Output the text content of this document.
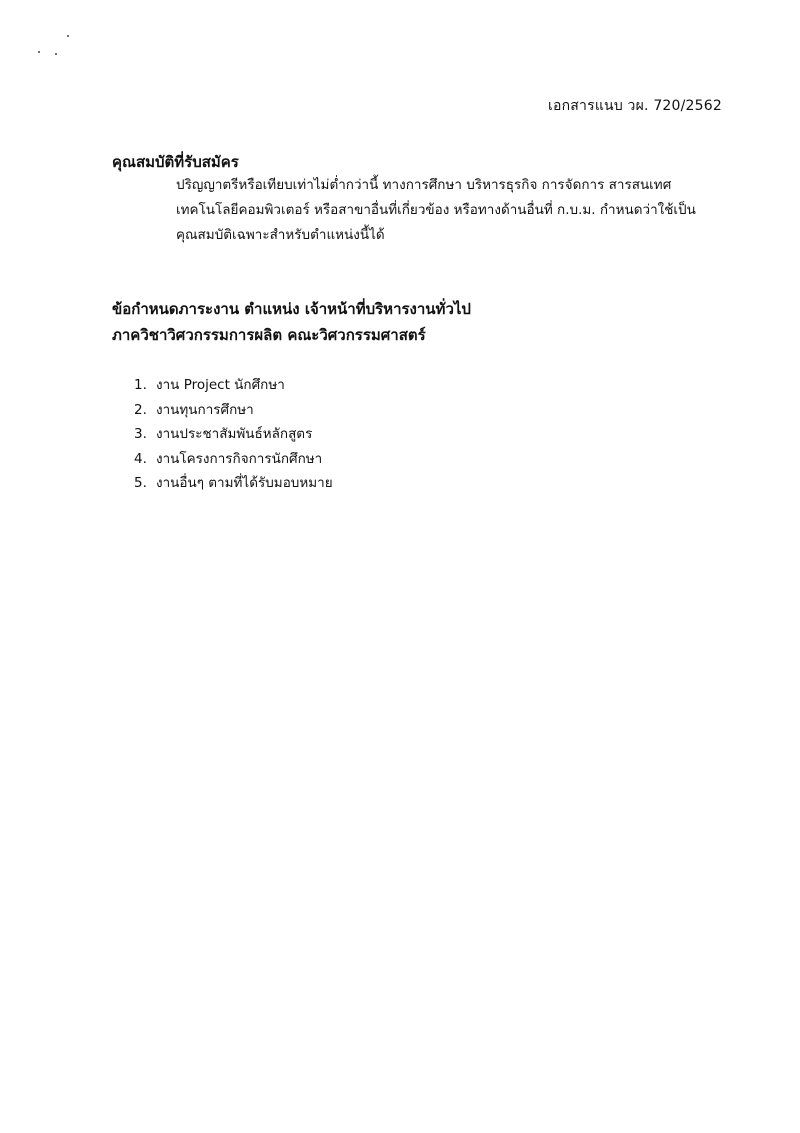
เอกสารแนบ วผ. 720/2562
คุณสมบัติที่รับสมัคร
ปริญญาตรีหรือเทียบเท่าไม่ต่ำกว่านี้ ทางการศึกษา บริหารธุรกิจ การจัดการ สารสนเทศ
เทคโนโลยีคอมพิวเตอร์ หรือสาขาอื่นที่เกี่ยวข้อง หรือทางด้านอื่นที่ ก.บ.ม. กำหนดว่าใช้เป็น
คุณสมบัติเฉพาะสำหรับตำแหน่งนี้ได้
ข้อกำหนดภาระงาน ตำแหน่ง เจ้าหน้าที่บริหารงานทั่วไป
ภาควิชาวิศวกรรมการผลิต คณะวิศวกรรมศาสตร์
1. งาน Project นักศึกษา
2. งานทุนการศึกษา
3. งานประชาสัมพันธ์หลักสูตร
4. งานโครงการกิจการนักศึกษา
5. งานอื่นๆ ตามที่ได้รับมอบหมาย
